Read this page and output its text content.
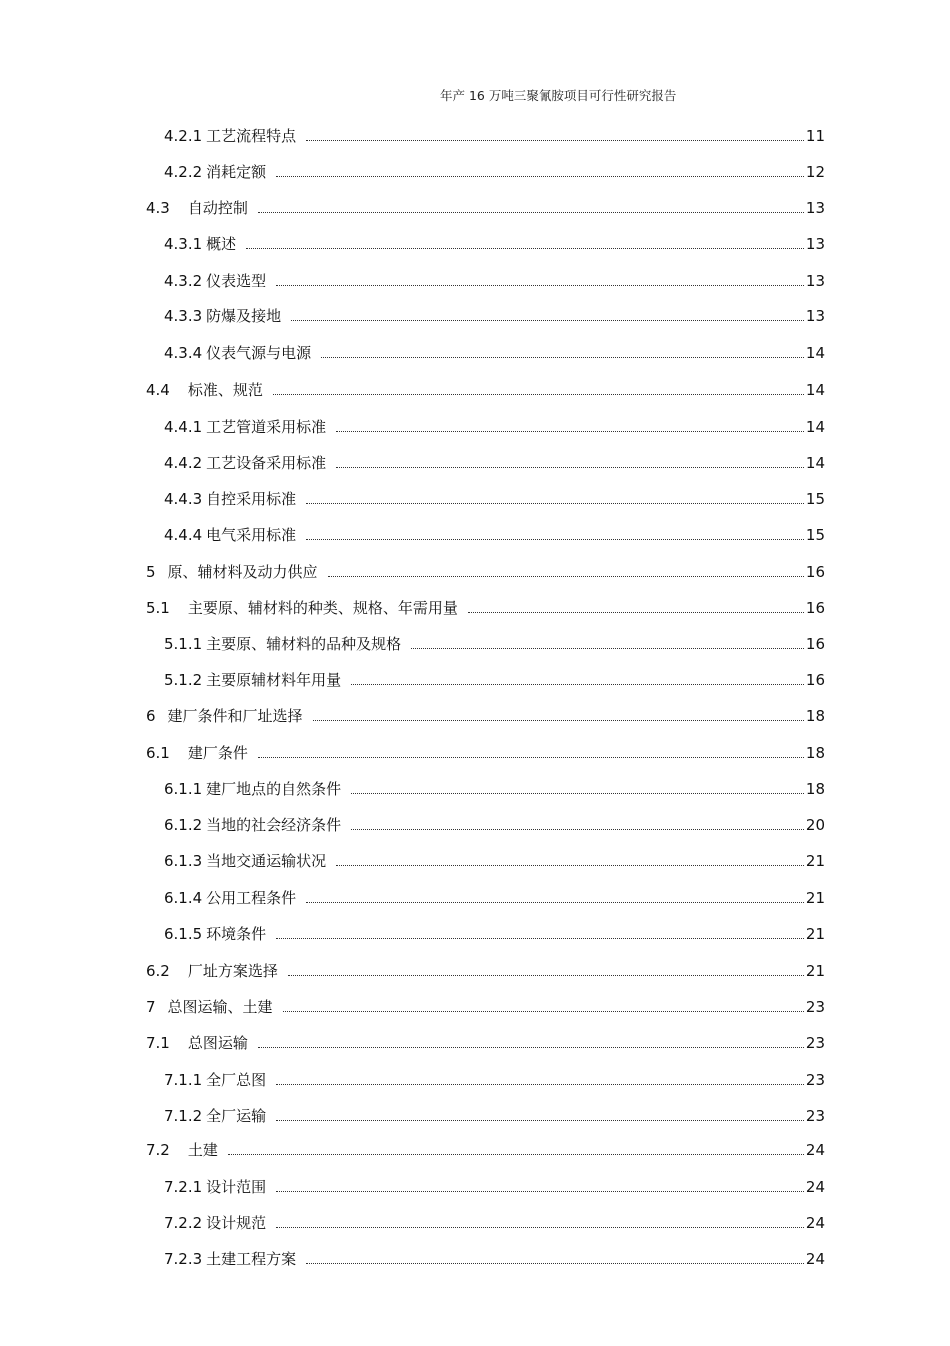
年产 16 万吨三聚氰胺项目可行性研究报告
4.2.1 工艺流程特点	11
4.2.2 消耗定额	12
4.3 自动控制	13
4.3.1 概述	13
4.3.2 仪表选型	13
4.3.3 防爆及接地	13
4.3.4 仪表气源与电源	14
4.4 标准、规范	14
4.4.1 工艺管道采用标准	14
4.4.2 工艺设备采用标准	14
4.4.3 自控采用标准	15
4.4.4 电气采用标准	15
5 原、辅材料及动力供应	16
5.1 主要原、辅材料的种类、规格、年需用量	16
5.1.1 主要原、辅材料的品种及规格	16
5.1.2 主要原辅材料年用量	16
6 建厂条件和厂址选择	18
6.1 建厂条件	18
6.1.1 建厂地点的自然条件	18
6.1.2 当地的社会经济条件	20
6.1.3 当地交通运输状况	21
6.1.4 公用工程条件	21
6.1.5 环境条件	21
6.2 厂址方案选择	21
7 总图运输、土建	23
7.1 总图运输	23
7.1.1 全厂总图	23
7.1.2 全厂运输	23
7.2 土建	24
7.2.1 设计范围	24
7.2.2 设计规范	24
7.2.3 土建工程方案	24
